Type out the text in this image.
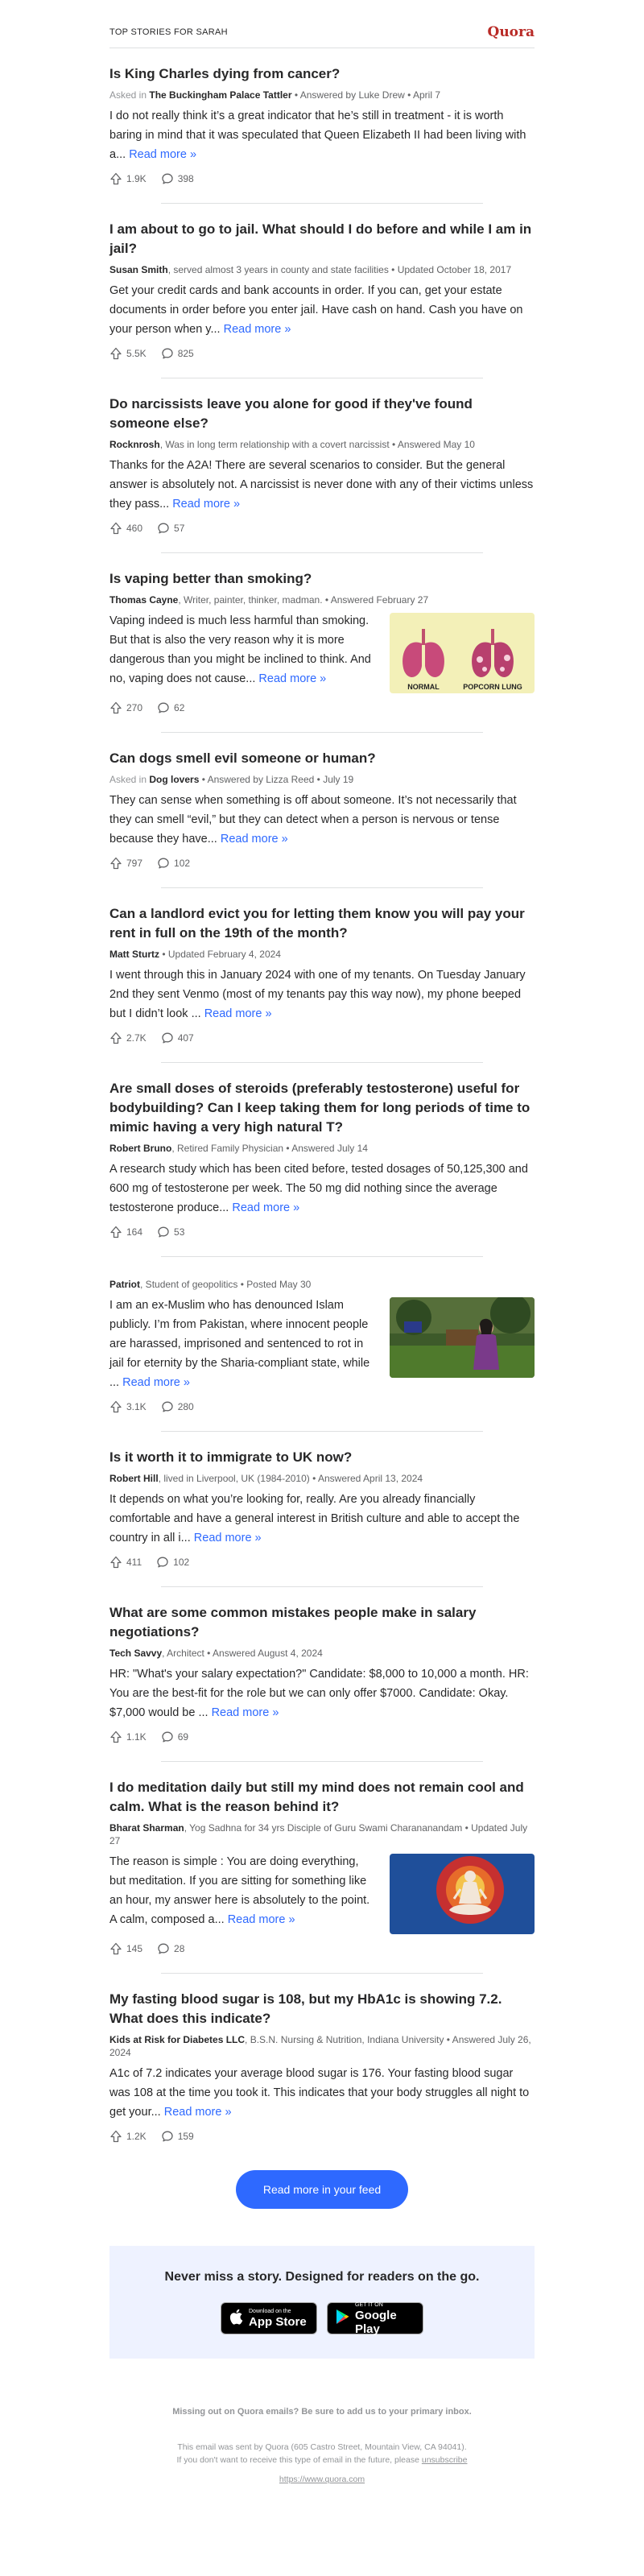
TOP STORIES FOR SARAH	Quora
Is King Charles dying from cancer?
Asked in The Buckingham Palace Tattler • Answered by Luke Drew • April 7
I do not really think it’s a great indicator that he’s still in treatment - it is worth baring in mind that it was speculated that Queen Elizabeth II had been living with a... Read more »
1.9K	398
I am about to go to jail. What should I do before and while I am in jail?
Susan Smith, served almost 3 years in county and state facilities • Updated October 18, 2017
Get your credit cards and bank accounts in order. If you can, get your estate documents in order before you enter jail. Have cash on hand. Cash you have on your person when y... Read more »
5.5K	825
Do narcissists leave you alone for good if they've found someone else?
Rocknrosh, Was in long term relationship with a covert narcissist • Answered May 10
Thanks for the A2A! There are several scenarios to consider. But the general answer is absolutely not. A narcissist is never done with any of their victims unless they pass... Read more »
460	57
Is vaping better than smoking?
Thomas Cayne, Writer, painter, thinker, madman. • Answered February 27
Vaping indeed is much less harmful than smoking. But that is also the very reason why it is more dangerous than you might be inclined to think. And no, vaping does not cause... Read more »
NORMAL	POPCORN LUNG
270	62
Can dogs smell evil someone or human?
Asked in Dog lovers • Answered by Lizza Reed • July 19
They can sense when something is off about someone. It’s not necessarily that they can smell “evil,” but they can detect when a person is nervous or tense because they have... Read more »
797	102
Can a landlord evict you for letting them know you will pay your rent in full on the 19th of the month?
Matt Sturtz • Updated February 4, 2024
I went through this in January 2024 with one of my tenants. On Tuesday January 2nd they sent Venmo (most of my tenants pay this way now), my phone beeped but I didn’t look ... Read more »
2.7K	407
Are small doses of steroids (preferably testosterone) useful for bodybuilding? Can I keep taking them for long periods of time to mimic having a very high natural T?
Robert Bruno, Retired Family Physician • Answered July 14
A research study which has been cited before, tested dosages of 50,125,300 and 600 mg of testosterone per week. The 50 mg did nothing since the average testosterone produce... Read more »
164	53
Patriot, Student of geopolitics • Posted May 30
I am an ex-Muslim who has denounced Islam publicly. I’m from Pakistan, where innocent people are harassed, imprisoned and sentenced to rot in jail for eternity by the Sharia-compliant state, while ... Read more »
3.1K	280
Is it worth it to immigrate to UK now?
Robert Hill, lived in Liverpool, UK (1984-2010) • Answered April 13, 2024
It depends on what you’re looking for, really. Are you already financially comfortable and have a general interest in British culture and able to accept the country in all i... Read more »
411	102
What are some common mistakes people make in salary negotiations?
Tech Savvy, Architect • Answered August 4, 2024
HR: "What's your salary expectation?" Candidate: $8,000 to 10,000 a month. HR: You are the best-fit for the role but we can only offer $7000. Candidate: Okay. $7,000 would be ... Read more »
1.1K	69
I do meditation daily but still my mind does not remain cool and calm. What is the reason behind it?
Bharat Sharman, Yog Sadhna for 34 yrs Disciple of Guru Swami Charananandam • Updated July 27
The reason is simple : You are doing everything, but meditation. If you are sitting for something like an hour, my answer here is absolutely to the point. A calm, composed a... Read more »
145	28
My fasting blood sugar is 108, but my HbA1c is showing 7.2. What does this indicate?
Kids at Risk for Diabetes LLC, B.S.N. Nursing & Nutrition, Indiana University • Answered July 26, 2024
A1c of 7.2 indicates your average blood sugar is 176. Your fasting blood sugar was 108 at the time you took it. This indicates that your body struggles all night to get your... Read more »
1.2K	159
Read more in your feed
Never miss a story. Designed for readers on the go.
Download on the
App Store
GET IT ON
Google Play
Missing out on Quora emails? Be sure to add us to your primary inbox.
This email was sent by Quora (605 Castro Street, Mountain View, CA 94041).
If you don't want to receive this type of email in the future, please unsubscribe
https://www.quora.com
